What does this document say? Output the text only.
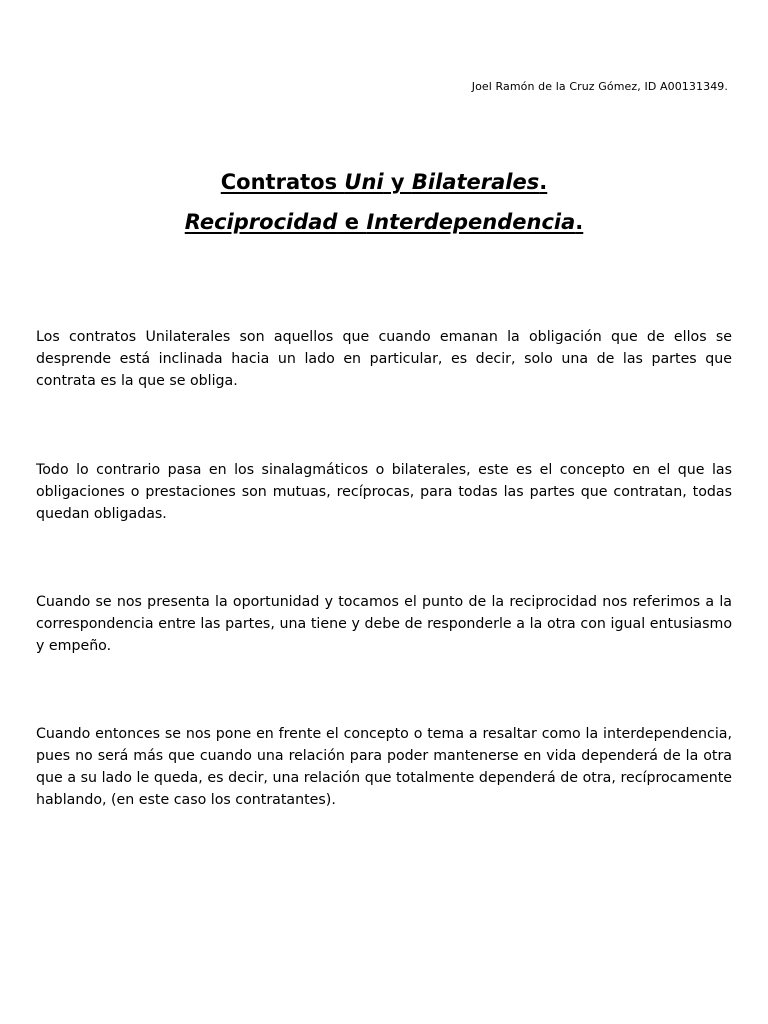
Joel Ramón de la Cruz Gómez, ID A00131349.
Contratos Uni y Bilaterales.
Reciprocidad e Interdependencia.

Los contratos Unilaterales son aquellos que cuando emanan la obligación que de ellos se desprende está inclinada hacia un lado en particular, es decir, solo una de las partes que contrata es la que se obliga.

Todo lo contrario pasa en los sinalagmáticos o bilaterales, este es el concepto en el que las obligaciones o prestaciones son mutuas, recíprocas, para todas las partes que contratan, todas quedan obligadas.

Cuando se nos presenta la oportunidad y tocamos el punto de la reciprocidad nos referimos a la correspondencia entre las partes, una tiene y debe de responderle a la otra con igual entusiasmo y empeño.

Cuando entonces se nos pone en frente el concepto o tema a resaltar como la interdependencia, pues no será más que cuando una relación para poder mantenerse en vida dependerá de la otra que a su lado le queda, es decir, una relación que totalmente dependerá de otra, recíprocamente hablando, (en este caso los contratantes).
